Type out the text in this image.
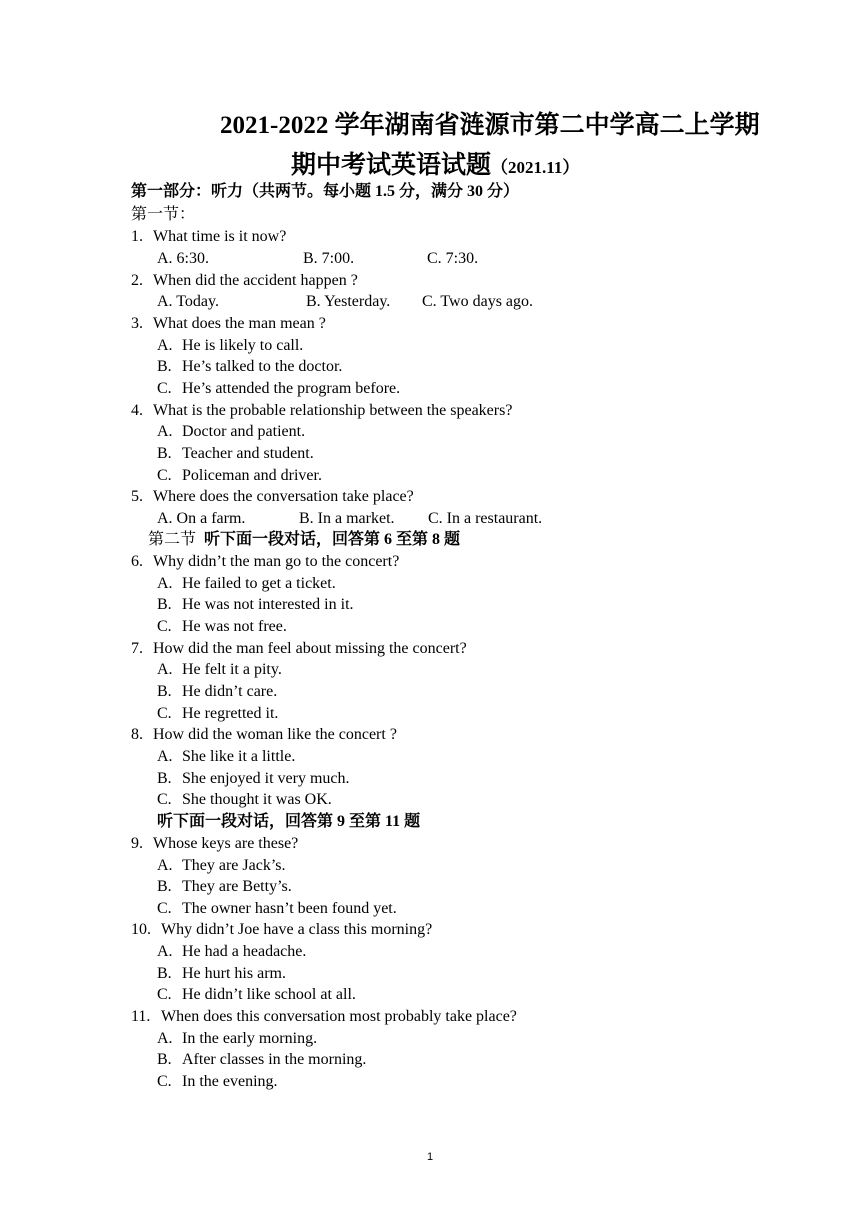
2021-2022 学年湖南省涟源市第二中学高二上学期
期中考试英语试题（2021.11）
第一部分：听力（共两节。每小题 1.5 分，满分 30 分）
第一节：
1. What time is it now?
A. 6:30.	B. 7:00.	C. 7:30.
2. When did the accident happen ?
A. Today.	B. Yesterday. C. Two days ago.
3. What does the man mean ?
A. He is likely to call.
B. He’s talked to the doctor.
C. He’s attended the program before.
4. What is the probable relationship between the speakers?
A. Doctor and patient.
B. Teacher and student.
C. Policeman and driver.
5. Where does the conversation take place?
A. On a farm.	B. In a market. C. In a restaurant.
第二节 听下面一段对话，回答第 6 至第 8 题
6. Why didn’t the man go to the concert?
A. He failed to get a ticket.
B. He was not interested in it.
C. He was not free.
7. How did the man feel about missing the concert?
A. He felt it a pity.
B. He didn’t care.
C. He regretted it.
8. How did the woman like the concert ?
A. She like it a little.
B. She enjoyed it very much.
C. She thought it was OK.
听下面一段对话，回答第 9 至第 11 题
9. Whose keys are these?
A. They are Jack’s.
B. They are Betty’s.
C. The owner hasn’t been found yet.
10. Why didn’t Joe have a class this morning?
A. He had a headache.
B. He hurt his arm.
C. He didn’t like school at all.
11. When does this conversation most probably take place?
A. In the early morning.
B. After classes in the morning.
C. In the evening.
1
